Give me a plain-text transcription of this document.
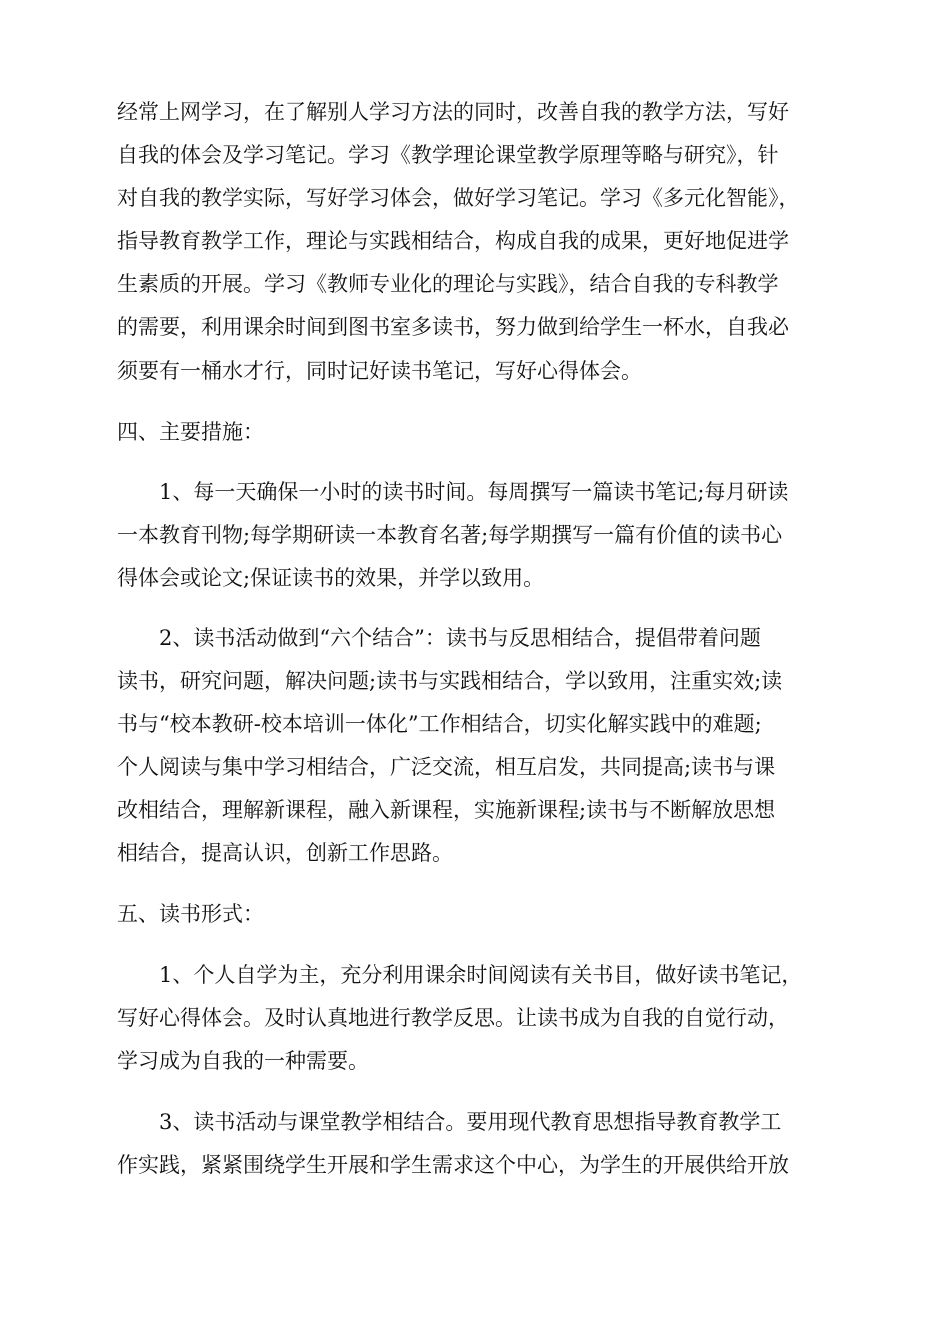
经常上网学习，在了解别人学习方法的同时，改善自我的教学方法，写好
自我的体会及学习笔记。学习《教学理论课堂教学原理等略与研究》，针
对自我的教学实际，写好学习体会，做好学习笔记。学习《多元化智能》，
指导教育教学工作，理论与实践相结合，构成自我的成果，更好地促进学
生素质的开展。学习《教师专业化的理论与实践》，结合自我的专科教学
的需要，利用课余时间到图书室多读书，努力做到给学生一杯水，自我必
须要有一桶水才行，同时记好读书笔记，写好心得体会。
四、主要措施：
1、每一天确保一小时的读书时间。每周撰写一篇读书笔记;每月研读
一本教育刊物;每学期研读一本教育名著;每学期撰写一篇有价值的读书心
得体会或论文;保证读书的效果，并学以致用。
2、读书活动做到“六个结合”：读书与反思相结合，提倡带着问题
读书，研究问题，解决问题;读书与实践相结合，学以致用，注重实效;读
书与“校本教研-校本培训一体化”工作相结合，切实化解实践中的难题;
个人阅读与集中学习相结合，广泛交流，相互启发，共同提高;读书与课
改相结合，理解新课程，融入新课程，实施新课程;读书与不断解放思想
相结合，提高认识，创新工作思路。
五、读书形式：
1、个人自学为主，充分利用课余时间阅读有关书目，做好读书笔记，
写好心得体会。及时认真地进行教学反思。让读书成为自我的自觉行动，
学习成为自我的一种需要。
3、读书活动与课堂教学相结合。要用现代教育思想指导教育教学工
作实践，紧紧围绕学生开展和学生需求这个中心，为学生的开展供给开放
